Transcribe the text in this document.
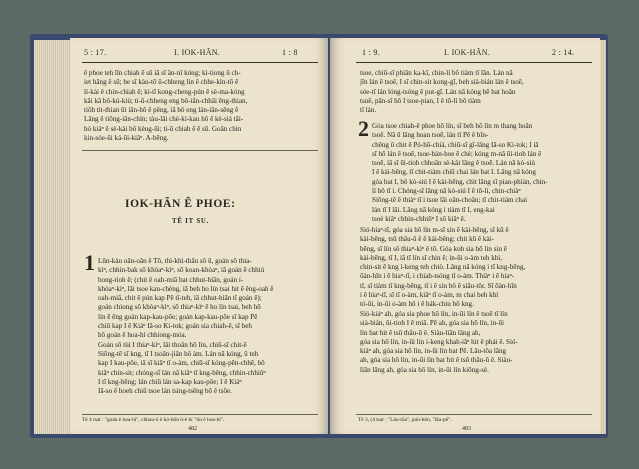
5 : 17.	I. IOK-HÃN.	1 : 8
ê phoe teh lîn chiah ê sû iā sī ân-nī kóng; kì-tiong ū ch-
iet hāng ê sū; he sī kàu-tō ū-chheng lin ê chhe-kìn-tō ê
lí-kài ê chin-chiah ê; kì-tī kong-cheng-pún ê sè-ma-kóng
kâi kā bô-kú-kiù; tì-ū-chheng eng bô-iân-chhāi êng-thian,
tiôh tit-thian ūi iân-hō ê pêng, iâ bô eng lán-iân-sêng ê
Lâng ê tiōng-iân-chín; tàu-lâi chè-kí-kau hō ê kè-siá tāi-
hó kiáⁿ ê sè-kài bô kèng-ūi; tì-ū chiah ê ê sū. Goân chin
kin-sòe-ūi ká-ūi-kiâⁿ. A-bêng.
IOK-HÃN Ê PHOE:
TÊ IT SU.
1 Lūn-kàu oân-oân ê Tō, thì-khì-thâu sō ū, goán sō thia-
kìⁿ, chhin-bak sō khòaⁿ-kìⁿ, sō koan-khòaⁿ, iā goán ê chhiú
bong-tioh ê; (chit ê oah-miā bat chhut-hiān, goán í-
khòaⁿ-kìⁿ, lâi tsoe kan-chèng, iā beh ho lín tsai hit ê êng-oah ê
oah-miā, chit ê pún kap Pē tī-teh, iā chhut-hiān tī goán ê);
goán chiong sō khòaⁿ-kìⁿ, sō thiaⁿ-kìⁿ ê ho lín tsai, beh hō
lín ē ēng goán kap-kau-pōe; goán kap-kau-pōe sī kap Pē
chiū kap I ê Kiáⁿ Iâ-so Ki-tok; goán sia chiah-ê, sī beh
hō goán ê hoa-hí chhiong-móa.
Goán sō tùi I thiaⁿ-kìⁿ, lâi thoân hō lín, chiū-sī chit-ê
Siōng-tē sī kng, tī I tsoân-jiân bô àm. Lán nā kóng, ū teh
kap I kau-pōe, iā sī kiâⁿ tī o-àm, chiū-sī kóng-pēn-chhē, bô
kiâⁿ chin-sit; chóng-sī lán nā kiâⁿ tī kng-bêng, chhin-chhiūⁿ
I tī kng-bêng; lán chiū lán sa-kap kau-pōe; I ê Kiáⁿ
Iâ-so ê hoeh chiū tsoe lán tsing-tsēng bô ê tsōe.
Tē 4 tsat : "goán ê hoa-hí", chhau-ū ê kó-bōn ū-ê kí "lín ê hoa-hí".
482
1 : 9.	I. IOK-HÃN.	2 : 14.
tsoe, chiū-sī phiân ka-kī, chin-lí bô tiàm tī lân. Lán nā
jīn lán ê tsoē, I sī chin-sit kong-gī, beh sià-bián lán ê tsoē,
sóe-tī lán lóng-tsóng ê put-gī. Lán nā kóng bē bat hoān
tsoē, pān-sī hō I tsoe-pian, I ê tō-lí bô tiàm
tī lán.
2 Góa tsoe chiah-ê phoe hō lín, sī beh hō lín m thang hoān
tsoē. Nā ū lâng hoan tsoē, lán tī Pē ê bīn-
chêng ū chit ê Pó-hō-chiá, chiū-sī gī-lâng Iâ-so Ki-tok; I iā
sī hō lán ê tsoē, tsoe-bán-hoe ê chè; kóng m-nā ūi-tioh lán ê
tsoē, iā sī ūi-tioh chhoân sè-kài lâng ê tsoē. Lán nā kò-siú
I ê kài-bēng, tī chit-tiám chiū chai lán bat I. Lâng nā kóng
góa bat I, bô kò-siú I ê kài-bēng, chit lâng sī pian-phiàn, chin-
lí bô tī i. Chóng-sī lâng nā kò-siú I ê tō-lí, chin-chiàⁿ
Siōng-tē ê thiàⁿ tī i tsoe lâi oân-choân; tī chit-tiám chai
lán tī I lâi. Lâng nā kóng i tiàm tī I, eng-kai
tsoè kiâⁿ chhin-chhiūⁿ I sō kiâⁿ ê.
Sió-hiaⁿ-tī, góa sia hō lín m-sī sin ê kài-bēng, sī kū ê
kài-bēng, tsū thâu-ū ê ê kài-bēng; chit kū ê kài-
bēng, sī lín sō thiaⁿ-kìⁿ ê tō. Góa koh sia hō lín sin ê
kài-bēng, tī I, iā tī lín sī chin ê; in-ūi o-àm teh khì,
chin-sit ê kng í-keng teh chiò. Lâng nā kóng i tī kng-bêng,
ōàn-hīn i ê hiaⁿ-tī, i chiah-tsóng tī o-àm. Thiàⁿ i ê hiaⁿ-
tī, sī tiàm tī kng-bêng, tī i ê sin bô ê siāu-tôr. Sī ōàn-hīn
i ê hiaⁿ-tī, sī tī o-àm, kiâⁿ tī o-àm, m chai beh khì
tó-ūi, in-ūi o-àm hō i ê bák-chiu bô kng.
Sió-kiáⁿ ah, góa sia phoe hō lín, in-ūi lín ê tsoē tī lín
sià-bián, ūi-tioh I ê miâ. Pē ah, góa sia hō lín, in-ūi
lín bat hit ê tsū thâu-ū ê. Siàu-liân lâng ah,
góa sia hō lín, in-ūi lín í-keng khah-iâⁿ hit ê phái ê. Sió-
kiáⁿ ah, góa sia hō lín, in-ūi lín bat Pē. Lāu-tōa lâng
ah, góa sia hō lín, in-ūi lín bat hit ê tsū thâu-ū ê. Siàu-
liân lâng ah, góa sia hō lín, in-ūi lín kiông-sè.
Tē 3, (4 tsat : "Lāu-tōa", pún-bôn, "lāu-pē".
483
